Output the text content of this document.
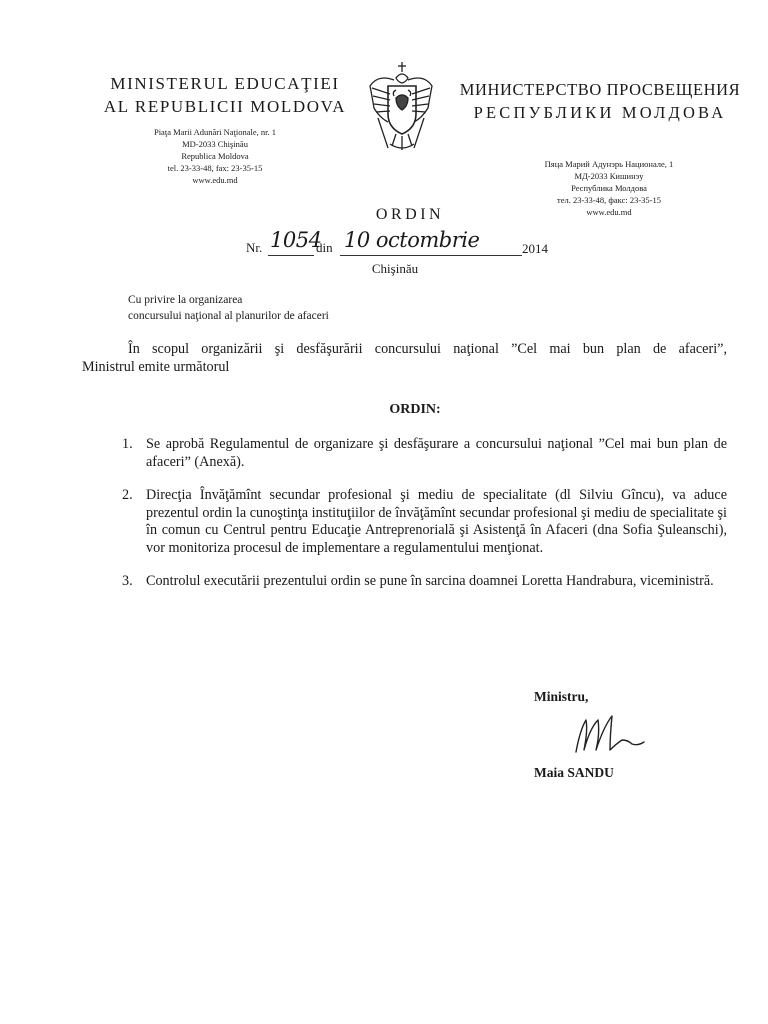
MINISTERUL EDUCAŢIEI
AL REPUBLICII MOLDOVA
Piaţa Marii Adunări Naţionale, nr. 1
MD-2033 Chişinău
Republica Moldova
tel. 23-33-48, fax: 23-35-15
www.edu.md
МИНИСТЕРСТВО ПРОСВЕЩЕНИЯ
РЕСПУБЛИКИ МОЛДОВА
Пяца Марий Адунэрь Национале, 1
МД-2033 Кишинэу
Республика Молдова
тел. 23-33-48, факс: 23-35-15
www.edu.md
ORDIN
Nr. 1054
din 10 octombrie	2014
Chişinău
Cu privire la organizarea
concursului naţional al planurilor de afaceri
În scopul organizării şi desfăşurării concursului naţional ”Cel mai bun plan de afaceri”,
Ministrul emite următorul
ORDIN:
1. Se aprobă Regulamentul de organizare şi desfăşurare a concursului naţional ”Cel mai bun plan de afaceri” (Anexă).
2. Direcţia Învăţămînt secundar profesional şi mediu de specialitate (dl Silviu Gîncu), va aduce prezentul ordin la cunoştinţa instituţiilor de învăţămînt secundar profesional şi mediu de specialitate şi în comun cu Centrul pentru Educaţie Antreprenorială şi Asistenţă în Afaceri (dna Sofia Şuleanschi), vor monitoriza procesul de implementare a regulamentului menţionat.
3. Controlul executării prezentului ordin se pune în sarcina doamnei Loretta Handrabura, viceministră.
Ministru,
Maia SANDU
